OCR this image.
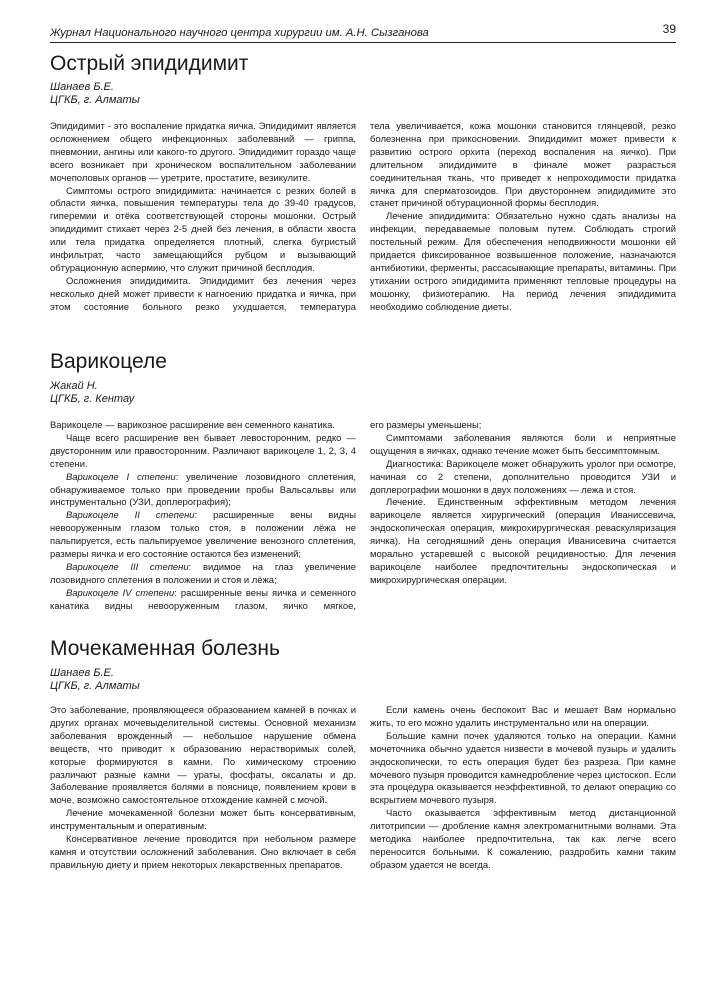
Журнал Национального научного центра хирургии им. А.Н. Сызганова	39
Острый эпидидимит
Шанаев Б.Е.
ЦГКБ, г. Алматы

Эпидидимит - это воспаление придатка яичка. Эпидидимит является осложнением общего инфекционных заболеваний — гриппа, пневмонии, ангины или какого-то другого. Эпидидимит гораздо чаще всего возникает при хроническом воспалительном заболевании мочеполовых органов — уретрите, простатите, везикулите.

Симптомы острого эпидидимита: начинается с резких болей в области яичка, повышения температуры тела до 39-40 градусов, гиперемии и отёка соответствующей стороны мошонки. Острый эпидидимит стихает через 2-5 дней без лечения, в области хвоста или тела придатка определяется плотный, слегка бугристый инфильтрат, часто замещающийся рубцом и вызывающий обтурационную аспермию, что служит причиной бесплодия.

Осложнения эпидидимита. Эпидидимит без лечения через несколько дней может привести к нагноению придатка и яичка, при этом состояние больного резко ухудшается, температура

тела увеличивается, кожа мошонки становится глянцевой, резко болезненна при прикосновении. Эпидидимит может привести к развитию острого орхита (переход воспаления на яичко). При длительном эпидидимите в финале может разрасться соединительная ткань, что приведет к непроходимости придатка яичка для сперматозоидов. При двустороннем эпидидимите это станет причиной обтурационной формы бесплодия.

Лечение эпидидимита: Обязательно нужно сдать анализы на инфекции, передаваемые половым путем. Соблюдать строгий постельный режим. Для обеспечения неподвижности мошонки ей придается фиксированное возвышенное положение, назначаются антибиотики, ферменты, рассасывающие препараты, витамины. При утихании острого эпидидимита применяют тепловые процедуры на мошонку, физиотерапию. На период лечения эпидидимита необходимо соблюдение диеты.

Варикоцеле
Жакай Н.
ЦГКБ, г. Кентау

Варикоцеле — варикозное расширение вен семенного канатика.

Чаще всего расширение вен бывает левосторонним, редко — двусторонним или правосторонним. Различают варикоцеле 1, 2, 3, 4 степени.

Варикоцеле I степени: увеличение лозовидного сплетения, обнаруживаемое только при проведении пробы Вальсальвы или инструментально (УЗИ, доплерография);

Варикоцеле II степени: расширенные вены видны невооруженным глазом только стоя, в положении лёжа не пальпируется, есть пальпируемое увеличение венозного сплетения, размеры яичка и его состояние остаются без изменений;

Варикоцеле III степени: видимое на глаз увеличение лозовидного сплетения в положении и стоя и лёжа;

Варикоцеле IV степени: расширенные вены яичка и семенного канатика видны невооруженным глазом, яичко мягкое,

его размеры уменьшены;

Симптомами заболевания являются боли и неприятные ощущения в яичках, однако течение может быть бессимптомным.

Диагностика: Варикоцеле может обнаружить уролог при осмотре, начиная со 2 степени, дополнительно проводится УЗИ и доплерографии мошонки в двух положениях — лежа и стоя.

Лечение. Единственным эффективным методом лечения варикоцеле является хирургический (операция Иваниссевича, эндоскопическая операция, микрохирургическая реваскуляризация яичка). На сегодняшний день операция Иванисевича считается морально устаревшей с высокой рецидивностью. Для лечения варикоцеле наиболее предпочтительны эндоскопическая и микрохирургическая операции.

Мочекаменная болезнь
Шанаев Б.Е.
ЦГКБ, г. Алматы

Это заболевание, проявляющееся образованием камней в почках и других органах мочевыделительной системы. Основной механизм заболевания врожденный — небольшое нарушение обмена веществ, что приводит к образованию нерастворимых солей, которые формируются в камни. По химическому строению различают разные камни — ураты, фосфаты, оксалаты и др. Заболевание проявляется болями в пояснице, появлением крови в моче, возможно самостоятельное отхождение камней с мочой.

Лечение мочекаменной болезни может быть консервативным, инструментальным и оперативным.

Консервативное лечение проводится при небольном размере камня и отсутствии осложнений заболевания. Оно включает в себя правильную диету и прием некоторых лекарственных препаратов.

Если камень очень беспокоит Вас и мешает Вам нормально жить, то его можно удалить инструментально или на операции.

Большие камни почек удаляются только на операции. Камни мочеточника обычно удается низвести в мочевой пузырь и удалить эндоскопически, то есть операция будет без разреза. При камне мочевого пузыря проводится камнедробление через цистоскоп. Если эта процедура оказывается неэффективной, то делают операцию со вскрытием мочевого пузыря.

Часто оказывается эффективным метод дистанционной литотрипсии — дробление камня электромагнитными волнами. Эта методика наиболее предпочтительна, так как легче всего переносится больными. К сожалению, раздробить камни таким образом удается не всегда.
